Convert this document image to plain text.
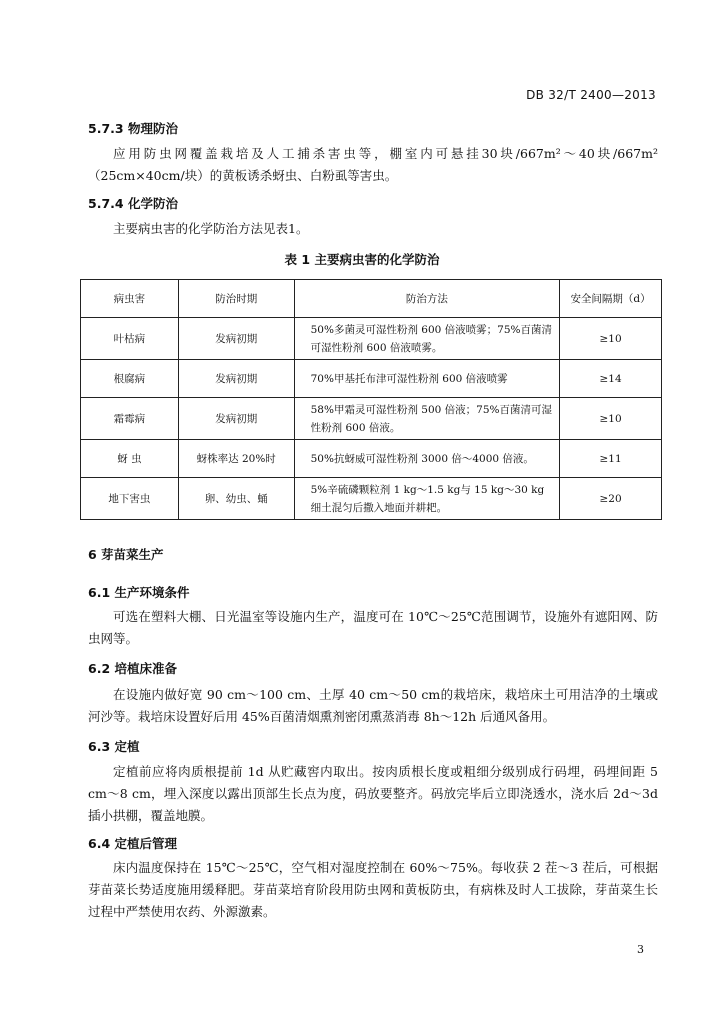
DB 32/T 2400—2013
5.7.3 物理防治
应用防虫网覆盖栽培及人工捕杀害虫等，棚室内可悬挂30块/667m²～40块/667m²（25cm×40cm/块）的黄板诱杀蚜虫、白粉虱等害虫。
5.7.4 化学防治
主要病虫害的化学防治方法见表1。
表 1 主要病虫害的化学防治
病虫害	防治时期	防治方法	安全间隔期（d）
叶枯病	发病初期	50%多菌灵可湿性粉剂 600 倍液喷雾；75%百菌清可湿性粉剂 600 倍液喷雾。	≥10
根腐病	发病初期	70%甲基托布津可湿性粉剂 600 倍液喷雾	≥14
霜霉病	发病初期	58%甲霜灵可湿性粉剂 500 倍液；75%百菌清可湿性粉剂 600 倍液。	≥10
蚜 虫	蚜株率达 20%时	50%抗蚜威可湿性粉剂 3000 倍～4000 倍液。	≥11
地下害虫	卵、幼虫、蛹	5%辛硫磷颗粒剂 1 kg～1.5 kg与 15 kg～30 kg细土混匀后撒入地面并耕耙。	≥20
6 芽苗菜生产
6.1 生产环境条件
可选在塑料大棚、日光温室等设施内生产，温度可在 10℃～25℃范围调节，设施外有遮阳网、防虫网等。
6.2 培植床准备
在设施内做好宽 90 cm～100 cm、土厚 40 cm～50 cm的栽培床，栽培床土可用洁净的土壤或河沙等。栽培床设置好后用 45%百菌清烟熏剂密闭熏蒸消毒 8h～12h 后通风备用。
6.3 定植
定植前应将肉质根提前 1d 从贮藏窖内取出。按肉质根长度或粗细分级别成行码埋，码埋间距 5 cm～8 cm，埋入深度以露出顶部生长点为度，码放要整齐。码放完毕后立即浇透水，浇水后 2d～3d 插小拱棚，覆盖地膜。
6.4 定植后管理
床内温度保持在 15℃～25℃，空气相对湿度控制在 60%～75%。每收获 2 茬～3 茬后，可根据芽苗菜长势适度施用缓释肥。芽苗菜培育阶段用防虫网和黄板防虫，有病株及时人工拔除，芽苗菜生长过程中严禁使用农药、外源激素。
3
